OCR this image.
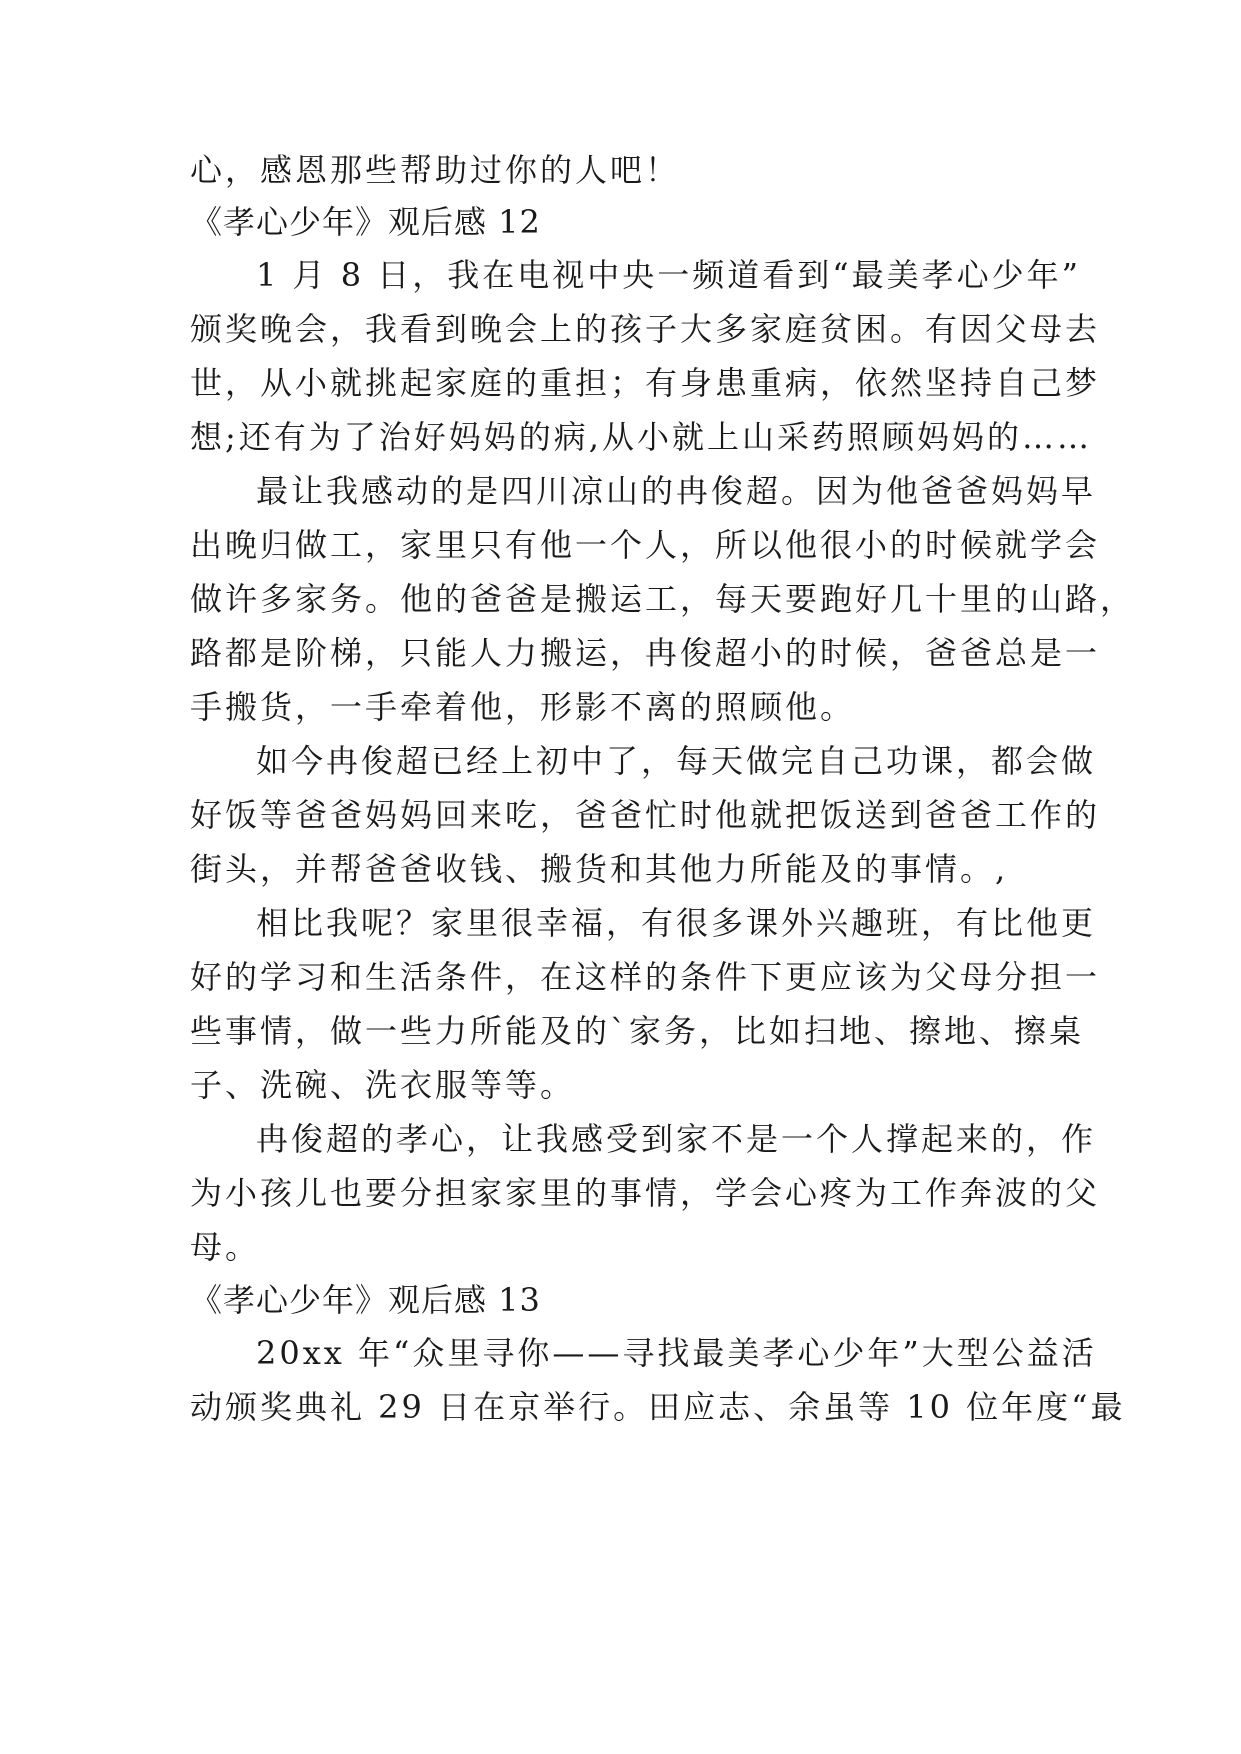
心，感恩那些帮助过你的人吧！
《孝心少年》观后感 12
1 月 8 日，我在电视中央一频道看到“最美孝心少年”
颁奖晚会，我看到晚会上的孩子大多家庭贫困。有因父母去
世，从小就挑起家庭的重担；有身患重病，依然坚持自己梦
想;还有为了治好妈妈的病,从小就上山采药照顾妈妈的……
最让我感动的是四川凉山的冉俊超。因为他爸爸妈妈早
出晚归做工，家里只有他一个人，所以他很小的时候就学会
做许多家务。他的爸爸是搬运工，每天要跑好几十里的山路，
路都是阶梯，只能人力搬运，冉俊超小的时候，爸爸总是一
手搬货，一手牵着他，形影不离的照顾他。
如今冉俊超已经上初中了，每天做完自己功课，都会做
好饭等爸爸妈妈回来吃，爸爸忙时他就把饭送到爸爸工作的
街头，并帮爸爸收钱、搬货和其他力所能及的事情。,
相比我呢？家里很幸福，有很多课外兴趣班，有比他更
好的学习和生活条件，在这样的条件下更应该为父母分担一
些事情，做一些力所能及的`家务，比如扫地、擦地、擦桌
子、洗碗、洗衣服等等。
冉俊超的孝心，让我感受到家不是一个人撑起来的，作
为小孩儿也要分担家家里的事情，学会心疼为工作奔波的父
母。
《孝心少年》观后感 13
20xx 年“众里寻你——寻找最美孝心少年”大型公益活
动颁奖典礼 29 日在京举行。田应志、余虽等 10 位年度“最
